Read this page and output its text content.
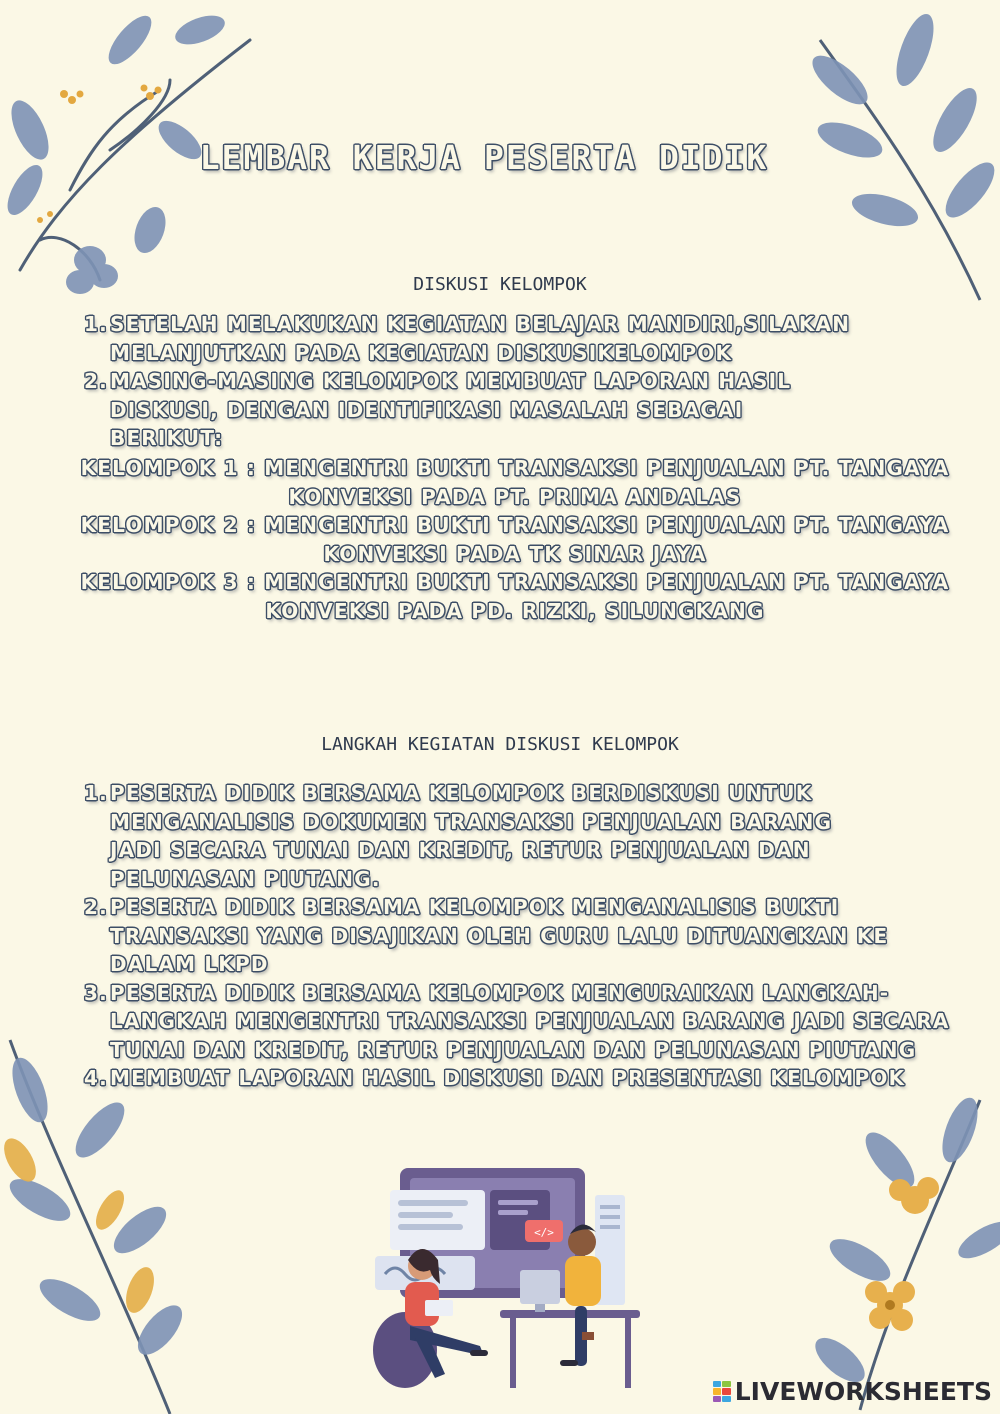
LEMBAR KERJA PESERTA DIDIK
DISKUSI KELOMPOK
1. SETELAH MELAKUKAN KEGIATAN BELAJAR MANDIRI,SILAKAN MELANJUTKAN PADA KEGIATAN DISKUSIKELOMPOK
2. MASING-MASING KELOMPOK MEMBUAT LAPORAN HASIL DISKUSI, DENGAN IDENTIFIKASI MASALAH SEBAGAI BERIKUT:

KELOMPOK 1 : MENGENTRI BUKTI TRANSAKSI PENJUALAN PT. TANGAYA

KONVEKSI PADA PT. PRIMA ANDALAS

KELOMPOK 2 : MENGENTRI BUKTI TRANSAKSI PENJUALAN PT. TANGAYA

KONVEKSI PADA TK SINAR JAYA

KELOMPOK 3 : MENGENTRI BUKTI TRANSAKSI PENJUALAN PT. TANGAYA

KONVEKSI PADA PD. RIZKI, SILUNGKANG

LANGKAH KEGIATAN DISKUSI KELOMPOK
1. PESERTA DIDIK BERSAMA KELOMPOK BERDISKUSI UNTUK MENGANALISIS DOKUMEN TRANSAKSI PENJUALAN BARANG JADI SECARA TUNAI DAN KREDIT, RETUR PENJUALAN DAN PELUNASAN PIUTANG.
2. PESERTA DIDIK BERSAMA KELOMPOK MENGANALISIS BUKTI TRANSAKSI YANG DISAJIKAN OLEH GURU LALU DITUANGKAN KE DALAM LKPD
3. PESERTA DIDIK BERSAMA KELOMPOK MENGURAIKAN LANGKAH-LANGKAH MENGENTRI TRANSAKSI PENJUALAN BARANG JADI SECARA TUNAI DAN KREDIT, RETUR PENJUALAN DAN PELUNASAN PIUTANG
4. MEMBUAT LAPORAN HASIL DISKUSI DAN PRESENTASI KELOMPOK
</>
LIVEWORKSHEETS
